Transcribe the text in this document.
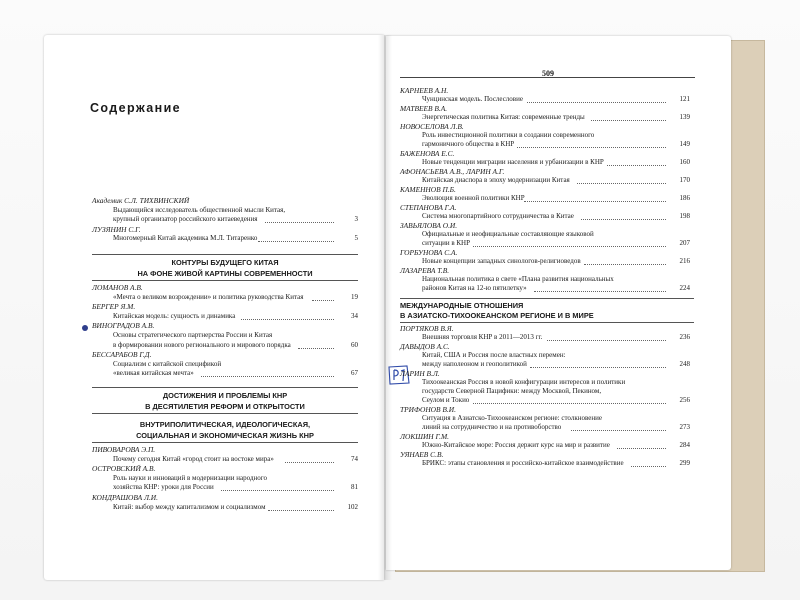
Содержание
509
Академик С.Л. ТИХВИНСКИЙ
Выдающийся исследователь общественной мысли Китая,
крупный организатор российского китаеведения	3
ЛУЗЯНИН С.Г.
Многомерный Китай академика М.Л. Титаренко	5
КОНТУРЫ БУДУЩЕГО КИТАЯ
НА ФОНЕ ЖИВОЙ КАРТИНЫ СОВРЕМЕННОСТИ
ЛОМАНОВ А.В.
«Мечта о великом возрождении» и политика руководства Китая	19
БЕРГЕР Я.М.
Китайская модель: сущность и динамика	34
ВИНОГРАДОВ А.В.
Основы стратегического партнерства России и Китая
в формировании нового регионального и мирового порядка	60
БЕССАРАБОВ Г.Д.
Социализм с китайской спецификой
«великая китайская мечта»	67
ДОСТИЖЕНИЯ И ПРОБЛЕМЫ КНР
В ДЕСЯТИЛЕТИЯ РЕФОРМ И ОТКРЫТОСТИ
ВНУТРИПОЛИТИЧЕСКАЯ, ИДЕОЛОГИЧЕСКАЯ,
СОЦИАЛЬНАЯ И ЭКОНОМИЧЕСКАЯ ЖИЗНЬ КНР
ПИВОВАРОВА Э.П.
Почему сегодня Китай «город стоит на востоке мира»	74
ОСТРОВСКИЙ А.В.
Роль науки и инноваций в модернизации народного
хозяйства КНР: уроки для России	81
КОНДРАШОВА Л.И.
Китай: выбор между капитализмом и социализмом	102
КАРНЕЕВ А.Н.
Чунцинская модель. Послесловие	121
МАТВЕЕВ В.А.
Энергетическая политика Китая: современные тренды	139
НОВОСЕЛОВА Л.В.
Роль инвестиционной политики в создании современного
гармоничного общества в КНР	149
БАЖЕНОВА Е.С.
Новые тенденции миграции населения и урбанизации в КНР	160
АФОНАСЬЕВА А.В., ЛАРИН А.Г.
Китайская диаспора в эпоху модернизации Китая	170
КАМЕННОВ П.Б.
Эволюция военной политики КНР	186
СТЕПАНОВА Г.А.
Система многопартийного сотрудничества в Китае	198
ЗАВЬЯЛОВА О.И.
Официальные и неофициальные составляющие языковой
ситуации в КНР	207
ГОРБУНОВА С.А.
Новые концепции западных синологов-религиоведов	216
ЛАЗАРЕВА Т.В.
Национальная политика в свете «Плана развития национальных
районов Китая на 12-ю пятилетку»	224
МЕЖДУНАРОДНЫЕ ОТНОШЕНИЯ
В АЗИАТСКО-ТИХООКЕАНСКОМ РЕГИОНЕ И В МИРЕ
ПОРТЯКОВ В.Я.
Внешняя торговля КНР в 2011—2013 гг.	236
ДАВЫДОВ А.С.
Китай, США и Россия после властных перемен:
между наполеоном и геополитикой	248
ЛАРИН В.Л.
Тихоокеанская Россия в новой конфигурации интересов и политики
государств Северной Пацифики: между Москвой, Пекином,
Сеулом и Токио	256
ТРИФОНОВ В.И.
Ситуация в Азиатско-Тихоокеанском регионе: столкновение
линий на сотрудничество и на противоборство	273
ЛОКШИН Г.М.
Южно-Китайское море: Россия держит курс на мир и развитие	284
УЯНАЕВ С.В.
БРИКС: этапы становления и российско-китайское взаимодействие	299
